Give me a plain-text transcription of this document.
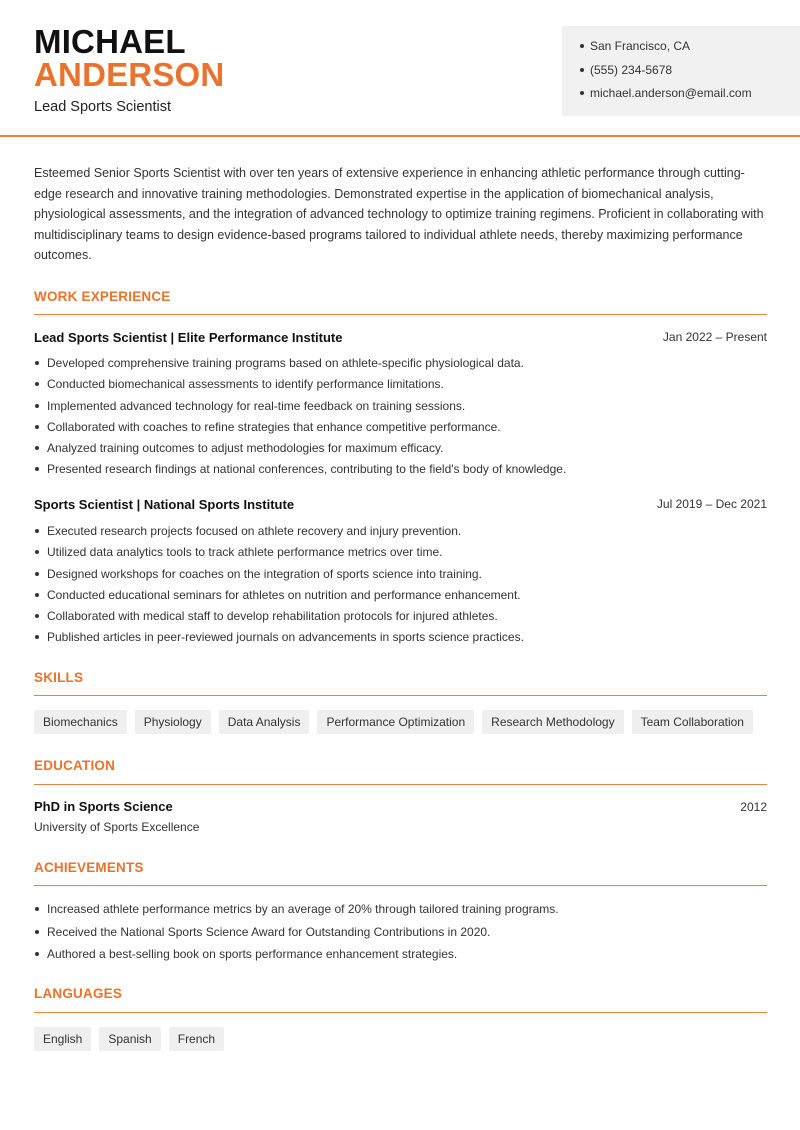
MICHAEL
ANDERSON
Lead Sports Scientist
San Francisco, CA
(555) 234-5678
michael.anderson@email.com

Esteemed Senior Sports Scientist with over ten years of extensive experience in enhancing athletic performance through cutting-edge research and innovative training methodologies. Demonstrated expertise in the application of biomechanical analysis, physiological assessments, and the integration of advanced technology to optimize training regimens. Proficient in collaborating with multidisciplinary teams to design evidence-based programs tailored to individual athlete needs, thereby maximizing performance outcomes.

WORK EXPERIENCE
Lead Sports Scientist | Elite Performance Institute	Jan 2022 – Present
Developed comprehensive training programs based on athlete-specific physiological data.
Conducted biomechanical assessments to identify performance limitations.
Implemented advanced technology for real-time feedback on training sessions.
Collaborated with coaches to refine strategies that enhance competitive performance.
Analyzed training outcomes to adjust methodologies for maximum efficacy.
Presented research findings at national conferences, contributing to the field's body of knowledge.
Sports Scientist | National Sports Institute	Jul 2019 – Dec 2021
Executed research projects focused on athlete recovery and injury prevention.
Utilized data analytics tools to track athlete performance metrics over time.
Designed workshops for coaches on the integration of sports science into training.
Conducted educational seminars for athletes on nutrition and performance enhancement.
Collaborated with medical staff to develop rehabilitation protocols for injured athletes.
Published articles in peer-reviewed journals on advancements in sports science practices.
SKILLS
Biomechanics	Physiology	Data Analysis	Performance Optimization	Research Methodology	Team Collaboration
EDUCATION
PhD in Sports Science	2012
University of Sports Excellence
ACHIEVEMENTS
Increased athlete performance metrics by an average of 20% through tailored training programs.
Received the National Sports Science Award for Outstanding Contributions in 2020.
Authored a best-selling book on sports performance enhancement strategies.
LANGUAGES
English	Spanish	French
